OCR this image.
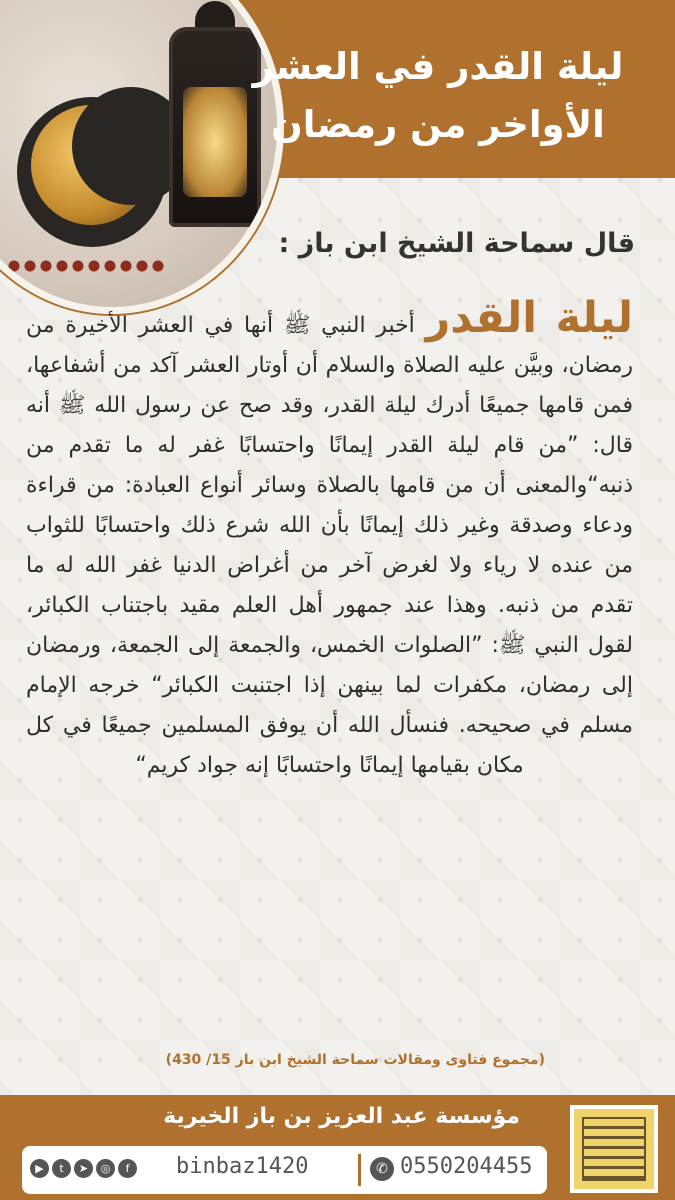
ليلة القدر في العشر
الأواخر من رمضان
قال سماحة الشيخ ابن باز :
ليلة القدر أخبر النبي ﷺ أنها في العشر الأخيرة من رمضان، وبيَّن عليه الصلاة والسلام أن أوتار العشر آكد من أشفاعها، فمن قامها جميعًا أدرك ليلة القدر، وقد صح عن رسول الله ﷺ أنه قال: ”من قام ليلة القدر إيمانًا واحتسابًا غفر له ما تقدم من ذنبه“والمعنى أن من قامها بالصلاة وسائر أنواع العبادة: من قراءة ودعاء وصدقة وغير ذلك إيمانًا بأن الله شرع ذلك واحتسابًا للثواب من عنده لا رياء ولا لغرض آخر من أغراض الدنيا غفر الله له ما تقدم من ذنبه. وهذا عند جمهور أهل العلم مقيد باجتناب الكبائر، لقول النبي ﷺ: ”الصلوات الخمس، والجمعة إلى الجمعة، ورمضان إلى رمضان، مكفرات لما بينهن إذا اجتنبت الكبائر“ خرجه الإمام مسلم في صحيحه. فنسأل الله أن يوفق المسلمين جميعًا في كل مكان بقيامها إيمانًا واحتسابًا إنه جواد كريم“
(مجموع فتاوى ومقالات سماحة الشيخ ابن باز 15/ 430)
مؤسسة عبد العزيز بن باز الخيرية
▶	t	➤	◎	f	binbaz1420	✆ 0550204455
